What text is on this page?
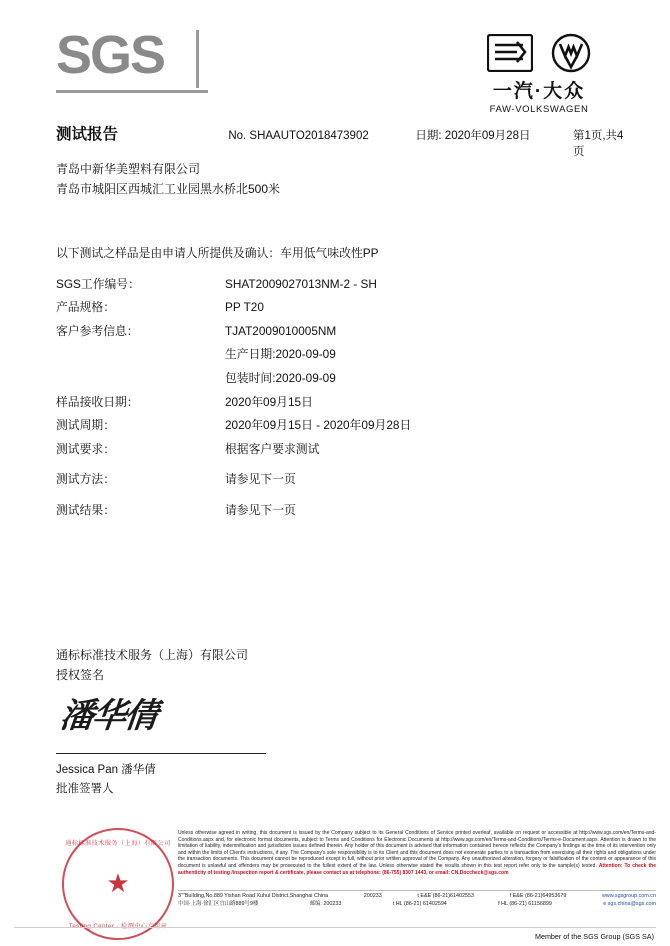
SGS
一汽·大众
FAW-VOLKSWAGEN
测试报告	No. SHAAUTO2018473902	日期: 2020年09月28日	第1页,共4页
青岛中新华美塑料有限公司
青岛市城阳区西城汇工业园黑水桥北500米
以下测试之样品是由申请人所提供及确认： 车用低气味改性PP
SGS工作编号：	SHAT2009027013NM-2 - SH
产品规格：	PP T20
客户参考信息：	TJAT2009010005NM
生产日期:2020-09-09
包装时间:2020-09-09
样品接收日期：	2020年09月15日
测试周期：	2020年09月15日 - 2020年09月28日
测试要求：	根据客户要求测试
测试方法：	请参见下一页
测试结果：	请参见下一页
通标标准技术服务（上海）有限公司
授权签名
潘华倩
Jessica Pan 潘华倩
批准签署人
通标标准技术服务（上海）有限公司
★
Testing Center · 检测中心专用章
Unless otherwise agreed in writing, this document is issued by the Company subject to its General Conditions of Service printed overleaf, available on request or accessible at http://www.sgs.com/en/Terms-and-Conditions.aspx and, for electronic format documents, subject to Terms and Conditions for Electronic Documents at http://www.sgs.com/en/Terms-and-Conditions/Terms-e-Document.aspx. Attention is drawn to the limitation of liability, indemnification and jurisdiction issues defined therein. Any holder of this document is advised that information contained hereon reflects the Company's findings at the time of its intervention only and within the limits of Client's instructions, if any. The Company's sole responsibility is to its Client and this document does not exonerate parties to a transaction from exercising all their rights and obligations under the transaction documents. This document cannot be reproduced except in full, without prior written approval of the Company. Any unauthorized alteration, forgery or falsification of the content or appearance of this document is unlawful and offenders may be prosecuted to the fullest extent of the law. Unless otherwise stated the results shown in this test report refer only to the sample(s) tested. Attention: To check the authenticity of testing /inspection report & certificate, please contact us at telephone: (86-755) 8307 1443, or email: CN.Doccheck@sgs.com
3""Building,No.889 Yishan Road Xuhui District,Shanghai China	200233	t E&E (86-21)61402553	f E&E (86-21)64953679	www.sgsgroup.com.cn
中国·上海·徐汇区宜山路889号9楼	邮编: 200233	t HL (86-21) 61402594	f HL (86-21) 61156899	e sgs.china@sgs.com
Member of the SGS Group (SGS SA)
